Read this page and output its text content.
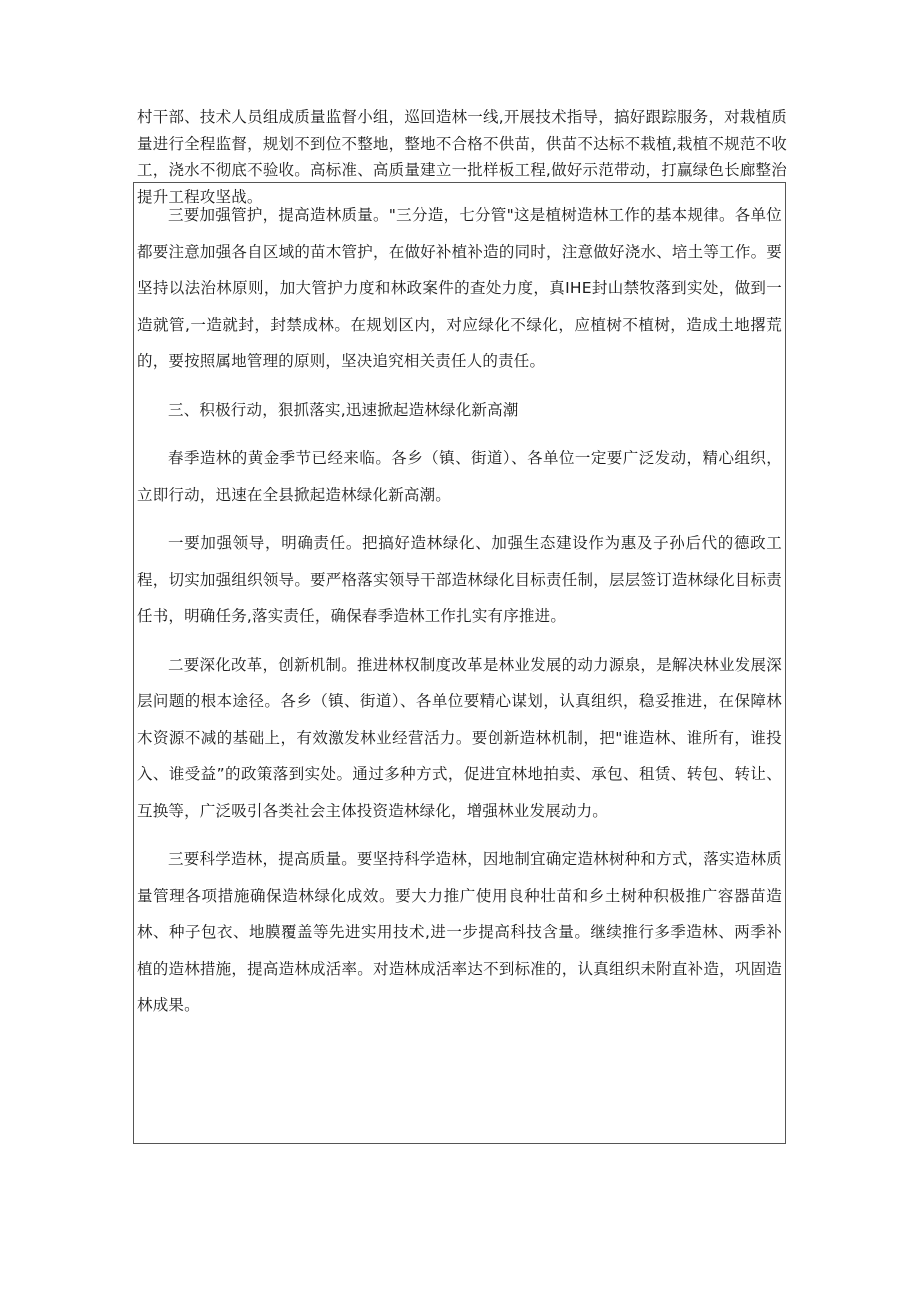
村干部、技术人员组成质量监督小组，巡回造林一线,开展技术指导，搞好跟踪服务，对栽植质量进行全程监督，规划不到位不整地，整地不合格不供苗，供苗不达标不栽植,栽植不规范不收工，浇水不彻底不验收。高标准、高质量建立一批样板工程,做好示范带动，打赢绿色长廊整治提升工程攻坚战。

三要加强管护，提高造林质量。"三分造，七分管"这是植树造林工作的基本规律。各单位都要注意加强各自区域的苗木管护，在做好补植补造的同时，注意做好浇水、培土等工作。要坚持以法治林原则，加大管护力度和林政案件的查处力度，真IHE封山禁牧落到实处，做到一造就管,一造就封，封禁成林。在规划区内，对应绿化不绿化，应植树不植树，造成土地撂荒的，要按照属地管理的原则，坚决追究相关责任人的责任。

三、积极行动，狠抓落实,迅速掀起造林绿化新高潮

春季造林的黄金季节已经来临。各乡（镇、街道）、各单位一定要广泛发动，精心组织，立即行动，迅速在全县掀起造林绿化新高潮。

一要加强领导，明确责任。把搞好造林绿化、加强生态建设作为惠及子孙后代的德政工程，切实加强组织领导。要严格落实领导干部造林绿化目标责任制，层层签订造林绿化目标责任书，明确任务,落实责任，确保春季造林工作扎实有序推进。

二要深化改革，创新机制。推进林权制度改革是林业发展的动力源泉，是解决林业发展深层问题的根本途径。各乡（镇、街道）、各单位要精心谋划，认真组织，稳妥推进，在保障林木资源不减的基础上，有效激发林业经营活力。要创新造林机制，把"谁造林、谁所有，谁投入、谁受益”的政策落到实处。通过多种方式，促进宜林地拍卖、承包、租赁、转包、转让、互换等，广泛吸引各类社会主体投资造林绿化，增强林业发展动力。

三要科学造林，提高质量。要坚持科学造林，因地制宜确定造林树种和方式，落实造林质量管理各项措施确保造林绿化成效。要大力推广使用良种壮苗和乡土树种积极推广容器苗造林、种子包衣、地膜覆盖等先进实用技术,进一步提高科技含量。继续推行多季造林、两季补植的造林措施，提高造林成活率。对造林成活率达不到标准的，认真组织未附直补造，巩固造林成果。
